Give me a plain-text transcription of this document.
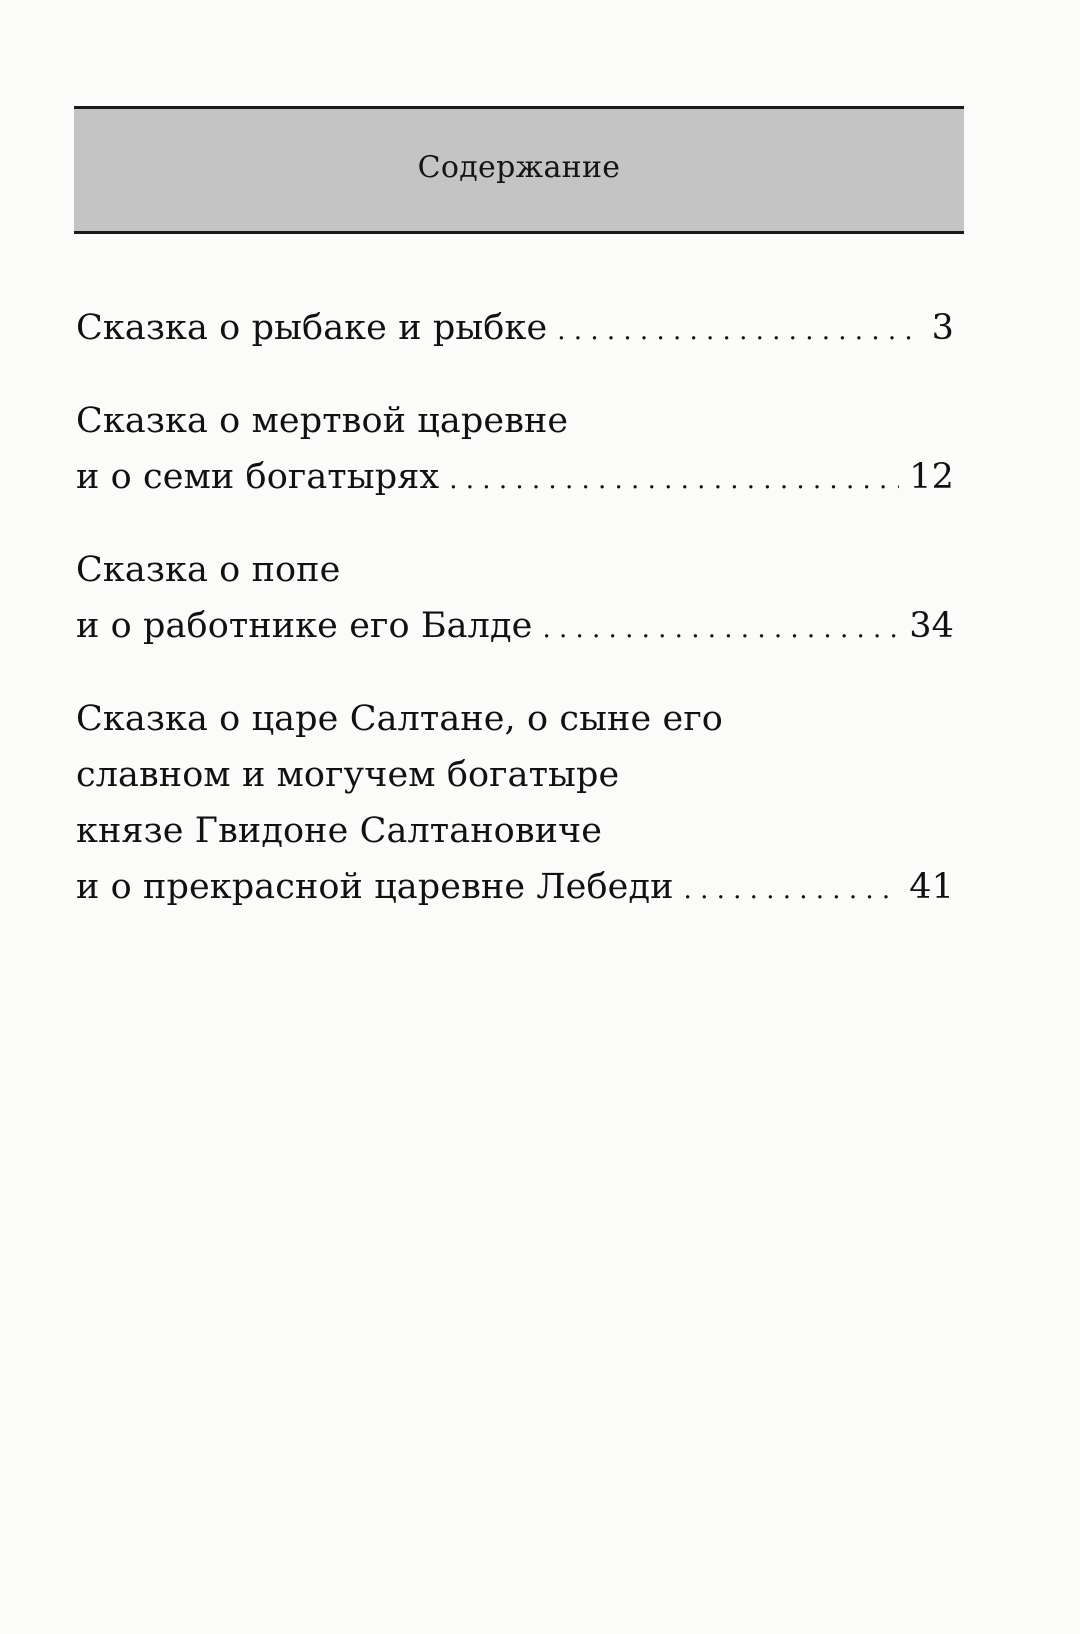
Содержание
Сказка о рыбаке и рыбке . . .	3
Сказка о мертвой царевне
и о семи богатырях . . .	12
Сказка о попе
и о работнике его Балде . . .	34
Сказка о царе Салтане, о сыне его
славном и могучем богатыре
князе Гвидоне Салтановиче
и о прекрасной царевне Лебеди . . .	41
